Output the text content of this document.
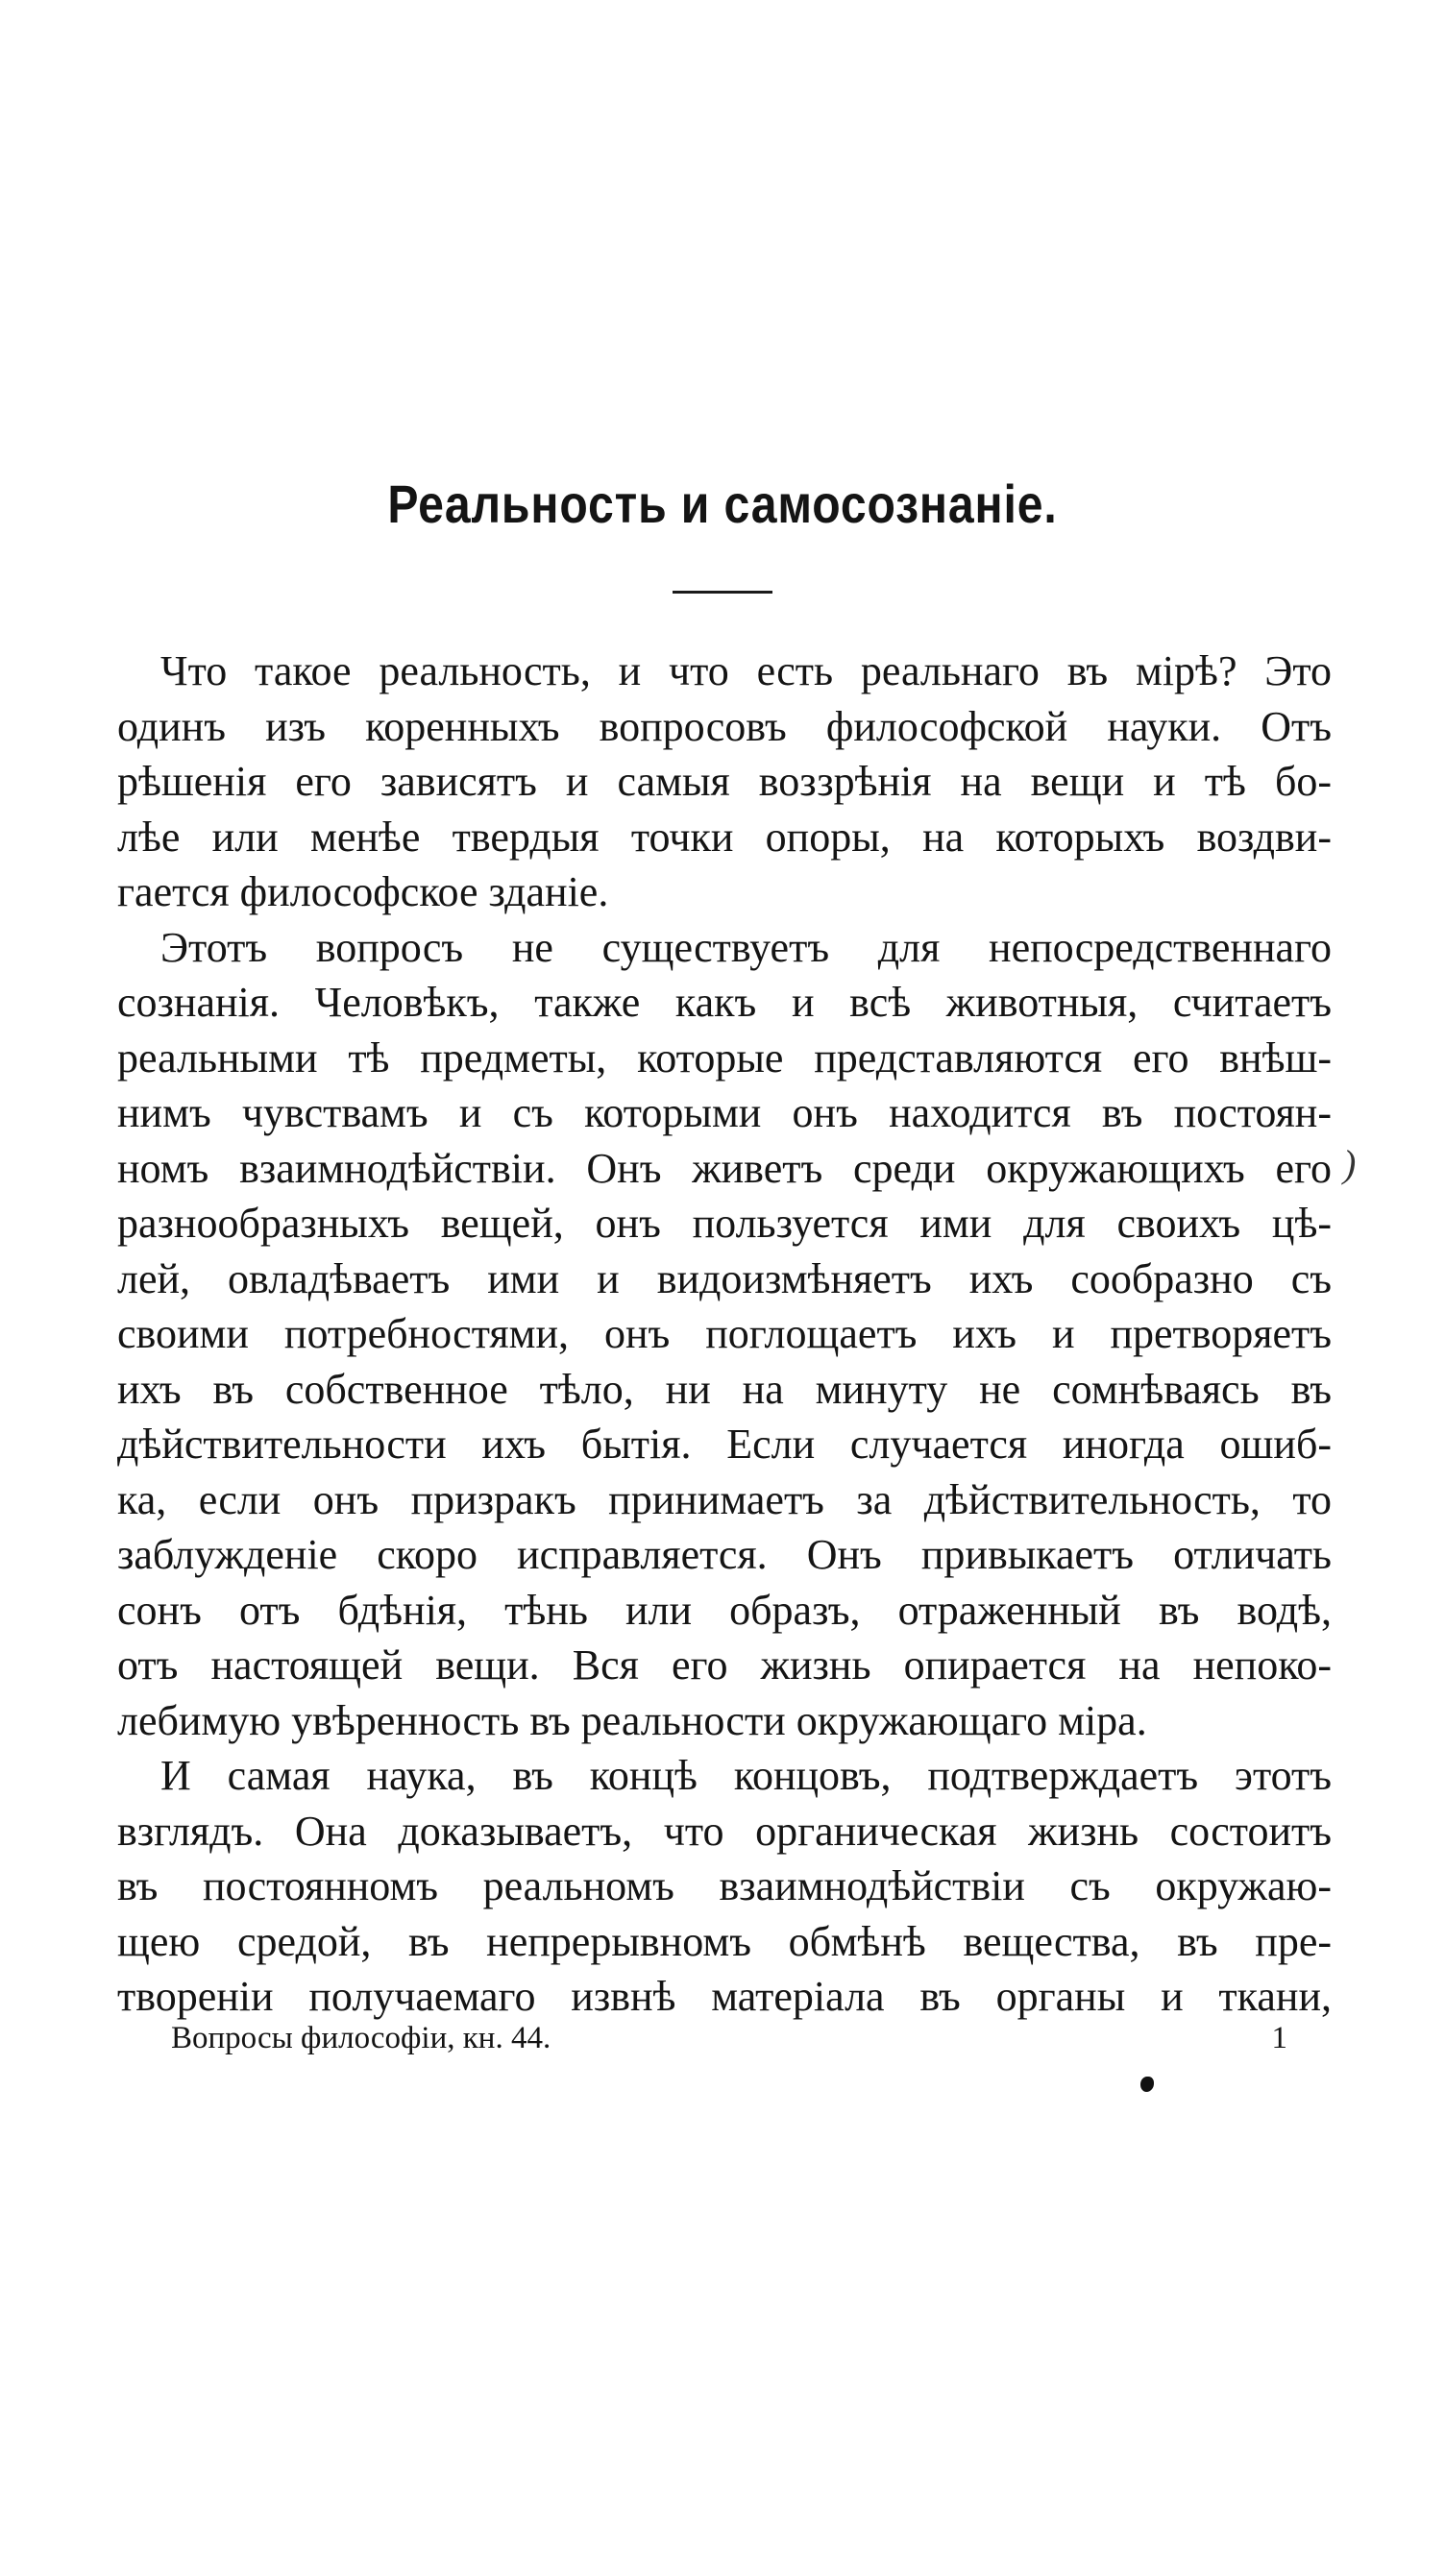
Реальность и самосознаніе.
Что такое реальность, и что есть реальнаго въ мірѣ? Это
одинъ изъ коренныхъ вопросовъ философской науки. Отъ
рѣшенія его зависятъ и самыя воззрѣнія на вещи и тѣ бо-
лѣе или менѣе твердыя точки опоры, на которыхъ воздви-
гается философское зданіе.
Этотъ вопросъ не существуетъ для непосредственнаго
сознанія. Человѣкъ, также какъ и всѣ животныя, считаетъ
реальными тѣ предметы, которые представляются его внѣш-
нимъ чувствамъ и съ которыми онъ находится въ постоян-
номъ взаимнодѣйствіи. Онъ живетъ среди окружающихъ его
разнообразныхъ вещей, онъ пользуется ими для своихъ цѣ-
лей, овладѣваетъ ими и видоизмѣняетъ ихъ сообразно съ
своими потребностями, онъ поглощаетъ ихъ и претворяетъ
ихъ въ собственное тѣло, ни на минуту не сомнѣваясь въ
дѣйствительности ихъ бытія. Если случается иногда ошиб-
ка, если онъ призракъ принимаетъ за дѣйствительность, то
заблужденіе скоро исправляется. Онъ привыкаетъ отличать
сонъ отъ бдѣнія, тѣнь или образъ, отраженный въ водѣ,
отъ настоящей вещи. Вся его жизнь опирается на непоко-
лебимую увѣренность въ реальности окружающаго міра.
И самая наука, въ концѣ концовъ, подтверждаетъ этотъ
взглядъ. Она доказываетъ, что органическая жизнь состоитъ
въ постоянномъ реальномъ взаимнодѣйствіи съ окружаю-
щею средой, въ непрерывномъ обмѣнѣ вещества, въ пре-
твореніи получаемаго извнѣ матеріала въ органы и ткани,
)
Вопросы философіи, кн. 44.	1
